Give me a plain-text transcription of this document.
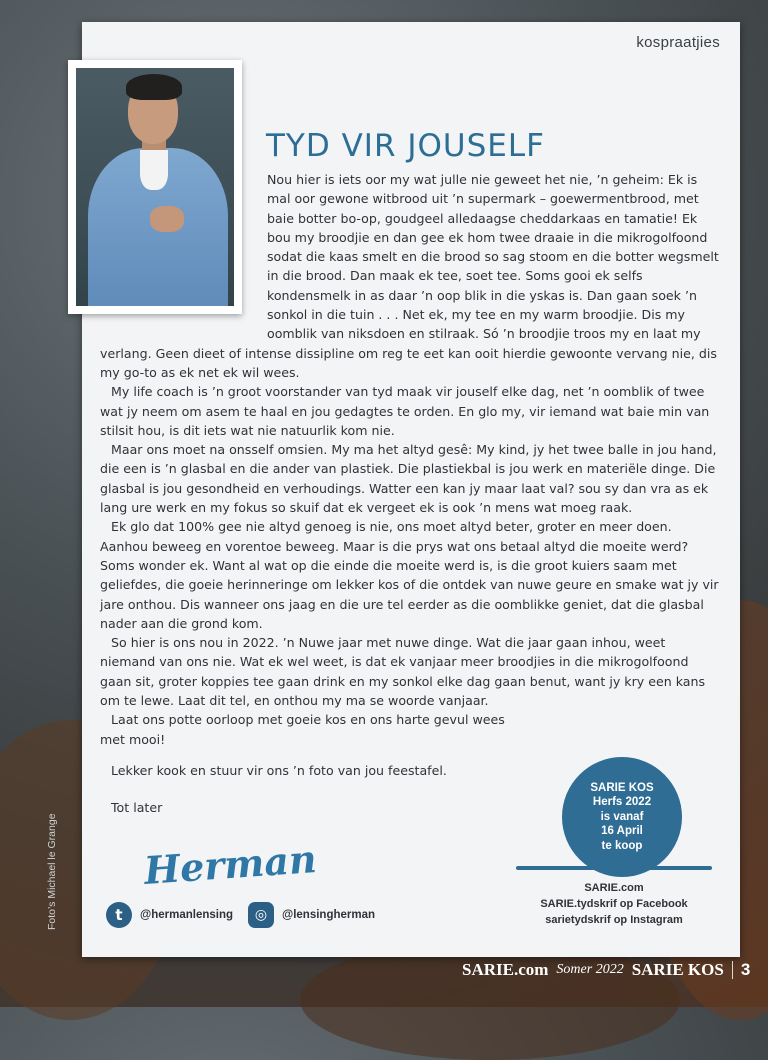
kospraatjies
TYD VIR JOUSELF

Nou hier is iets oor my wat julle nie geweet het nie, ’n geheim: Ek is mal oor gewone witbrood uit ’n supermark – goewermentbrood, met baie botter bo-op, goudgeel alledaagse cheddarkaas en tamatie! Ek bou my broodjie en dan gee ek hom twee draaie in die mikrogolfoond sodat die kaas smelt en die brood so sag stoom en die botter wegsmelt in die brood. Dan maak ek tee, soet tee. Soms gooi ek selfs kondensmelk in as daar ’n oop blik in die yskas is. Dan gaan soek ’n sonkol in die tuin . . . Net ek, my tee en my warm broodjie. Dis my oomblik van niksdoen en stilraak. Só ’n broodjie troos my en laat my verlang. Geen dieet of intense dissipline om reg te eet kan ooit hierdie gewoonte vervang nie, dis my go-to as ek net ek wil wees.

My life coach is ’n groot voorstander van tyd maak vir jouself elke dag, net ’n oomblik of twee wat jy neem om asem te haal en jou gedagtes te orden. En glo my, vir iemand wat baie min van stilsit hou, is dit iets wat nie natuurlik kom nie.

Maar ons moet na onsself omsien. My ma het altyd gesê: My kind, jy het twee balle in jou hand, die een is ’n glasbal en die ander van plastiek. Die plastiekbal is jou werk en materiële dinge. Die glasbal is jou gesondheid en verhoudings. Watter een kan jy maar laat val? sou sy dan vra as ek lang ure werk en my fokus so skuif dat ek vergeet ek is ook ’n mens wat moeg raak.

Ek glo dat 100% gee nie altyd genoeg is nie, ons moet altyd beter, groter en meer doen. Aanhou beweeg en vorentoe beweeg. Maar is die prys wat ons betaal altyd die moeite werd? Soms wonder ek. Want al wat op die einde die moeite werd is, is die groot kuiers saam met geliefdes, die goeie herinneringe om lekker kos of die ontdek van nuwe geure en smake wat jy vir jare onthou. Dis wanneer ons jaag en die ure tel eerder as die oomblikke geniet, dat die glasbal nader aan die grond kom.

So hier is ons nou in 2022. ’n Nuwe jaar met nuwe dinge. Wat die jaar gaan inhou, weet niemand van ons nie. Wat ek wel weet, is dat ek vanjaar meer broodjies in die mikrogolfoond gaan sit, groter koppies tee gaan drink en my sonkol elke dag gaan benut, want jy kry een kans om te lewe. Laat dit tel, en onthou my ma se woorde vanjaar.

Laat ons potte oorloop met goeie kos en ons harte gevul wees met mooi!

Lekker kook en stuur vir ons ’n foto van jou feestafel.

Tot later

Herman
t	@hermanlensing	◎	@lensingherman
SARIE KOS
Herfs 2022
is vanaf
16 April
te koop
SARIE.com
SARIE.tydskrif op Facebook
sarietydskrif op Instagram
Foto’s Michael le Grange
SARIE.com Somer 2022 SARIE KOS 3
